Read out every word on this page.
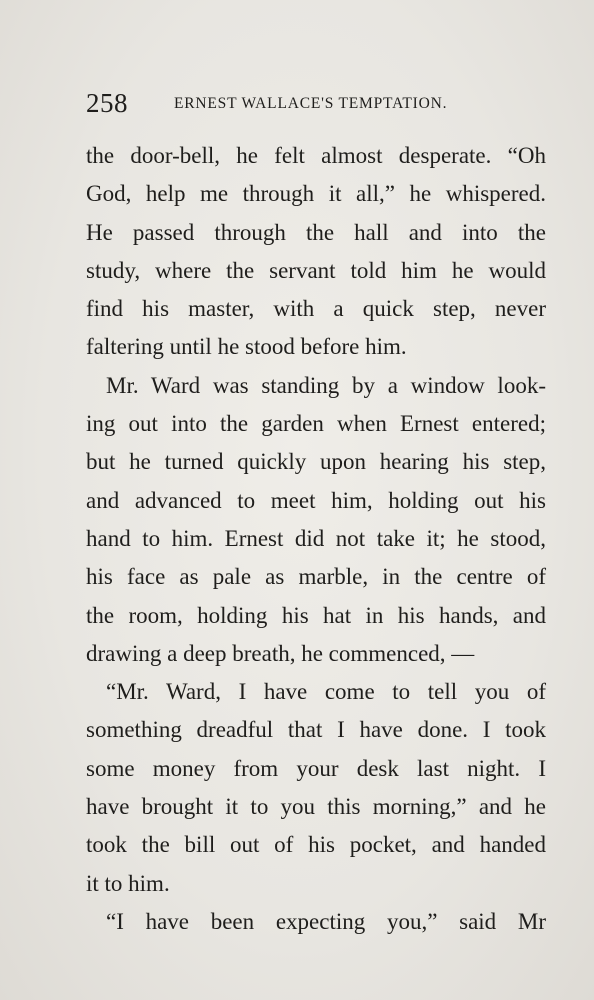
258	ERNEST WALLACE'S TEMPTATION.
the door-bell, he felt almost desperate. “Oh
God, help me through it all,” he whispered.
He passed through the hall and into the
study, where the servant told him he would
find his master, with a quick step, never
faltering until he stood before him.
Mr. Ward was standing by a window look-
ing out into the garden when Ernest entered;
but he turned quickly upon hearing his step,
and advanced to meet him, holding out his
hand to him. Ernest did not take it; he stood,
his face as pale as marble, in the centre of
the room, holding his hat in his hands, and
drawing a deep breath, he commenced, —
“Mr. Ward, I have come to tell you of
something dreadful that I have done. I took
some money from your desk last night. I
have brought it to you this morning,” and he
took the bill out of his pocket, and handed
it to him.
“I have been expecting you,” said Mr
